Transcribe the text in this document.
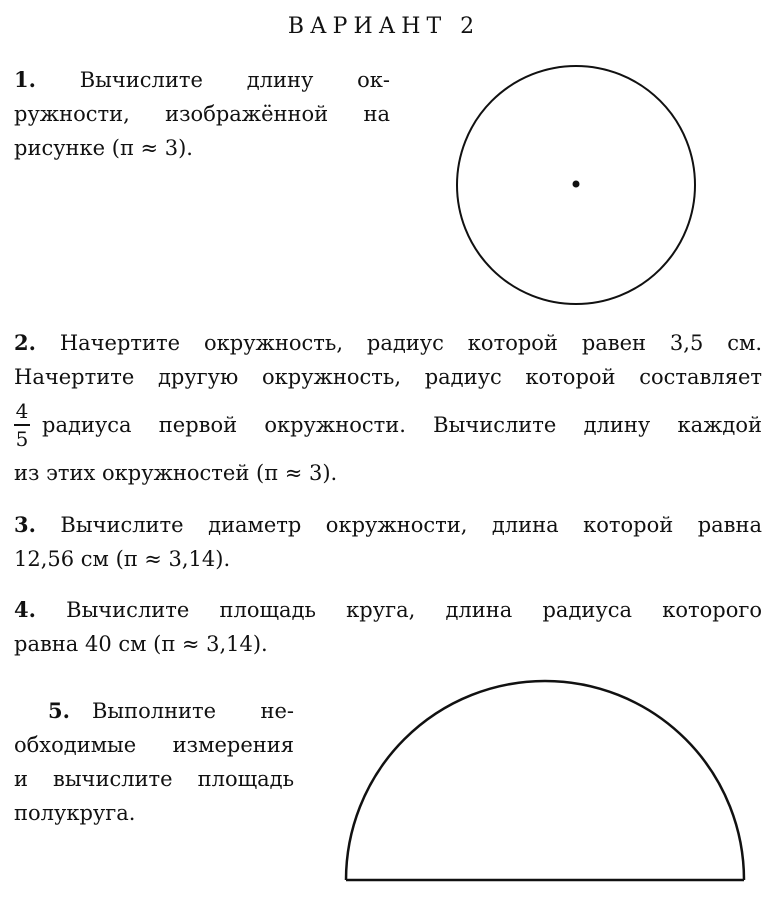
ВАРИАНТ 2
1. Вычислите длину ок-
ружности, изображённой на
рисунке (π ≈ 3).
2. Начертите окружность, радиус которой равен 3,5 см.
Начертите другую окружность, радиус которой составляет
$\frac{4}{5}$ радиуса первой окружности. Вычислите длину каждой
из этих окружностей (π ≈ 3).
3. Вычислите диаметр окружности, длина которой равна
12,56 см (π ≈ 3,14).
4. Вычислите площадь круга, длина радиуса которого
равна 40 см (π ≈ 3,14).
5. Выполните не-
обходимые измерения
и вычислите площадь
полукруга.
